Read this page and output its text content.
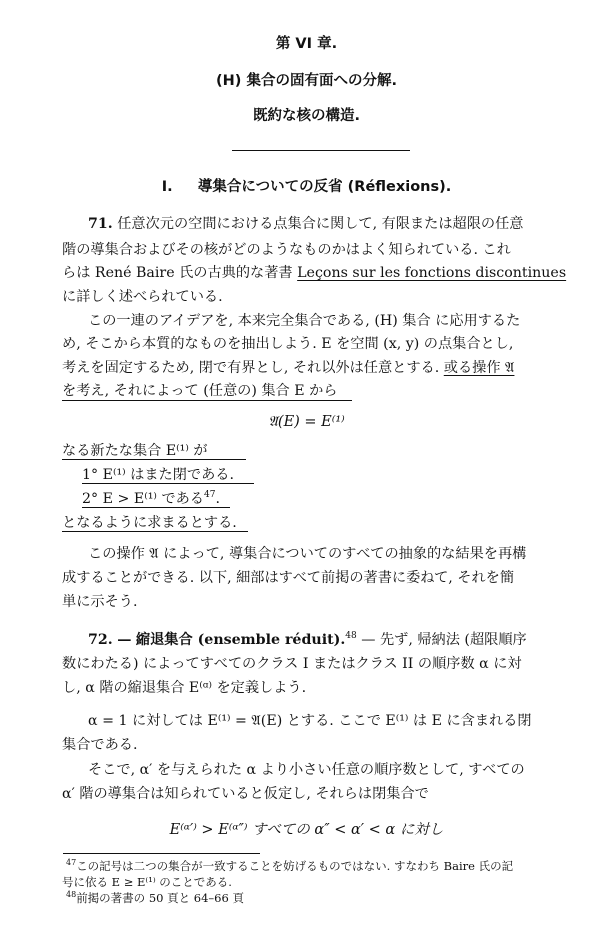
第 VI 章.
(H) 集合の固有面への分解.
既約な核の構造.
I. 導集合についての反省 (Réflexions).
71. 任意次元の空間における点集合に関して, 有限または超限の任意
階の導集合およびその核がどのようなものかはよく知られている. これ
らは René Baire 氏の古典的な著書 Leçons sur les fonctions discontinues
に詳しく述べられている.
この一連のアイデアを, 本来完全集合である, (H) 集合 に応用するた
め, そこから本質的なものを抽出しよう. E を空間 (x, y) の点集合とし,
考えを固定するため, 閉で有界とし, それ以外は任意とする. 或る操作 𝔄
を考え, それによって (任意の) 集合 E から
𝔄(E) = E⁽¹⁾
なる新たな集合 E⁽¹⁾ が
1° E⁽¹⁾ はまた閉である.
2° E > E⁽¹⁾ である$^{47}$.
となるように求まるとする.
この操作 𝔄 によって, 導集合についてのすべての抽象的な結果を再構
成することができる. 以下, 細部はすべて前掲の著書に委ねて, それを簡
単に示そう.
72. — 縮退集合 (ensemble réduit).$^{48}$ — 先ず, 帰納法 (超限順序
数にわたる) によってすべてのクラス I またはクラス II の順序数 α に対
し, α 階の縮退集合 E⁽ᵅ⁾ を定義しよう.
α = 1 に対しては E⁽¹⁾ = 𝔄(E) とする. ここで E⁽¹⁾ は E に含まれる閉
集合である.
そこで, α′ を与えられた α より小さい任意の順序数として, すべての
α′ 階の導集合は知られていると仮定し, それらは閉集合で
E⁽ᵅ′⁾ > E⁽ᵅ″⁾ すべての α″ < α′ < α に対し
$^{47}$この記号は二つの集合が一致することを妨げるものではない. すなわち Baire 氏の記
号に依る E ≥ E⁽¹⁾ のことである.
$^{48}$前掲の著書の 50 頁と 64–66 頁
